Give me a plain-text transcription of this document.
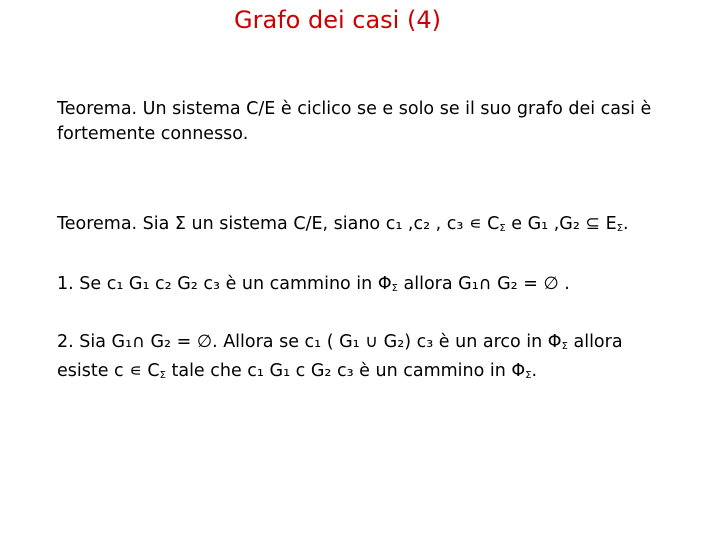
Grafo dei casi (4)
Teorema. Un sistema C/E è ciclico se e solo se il suo grafo dei casi è
fortemente connesso.
Teorema. Sia Σ un sistema C/E, siano c₁ ,c₂ , c₃ ∊ $C_\Sigma$ e G₁ ,G₂ ⊆ $E_\Sigma$.
1. Se c₁ G₁ c₂ G₂ c₃ è un cammino in $\Phi_\Sigma$ allora G₁∩ G₂ = ∅ .
2. Sia G₁∩ G₂ = ∅. Allora se c₁ ( G₁ ∪ G₂) c₃ è un arco in $\Phi_\Sigma$ allora
esiste c ∊ $C_\Sigma$ tale che c₁ G₁ c G₂ c₃ è un cammino in $\Phi_\Sigma$.
